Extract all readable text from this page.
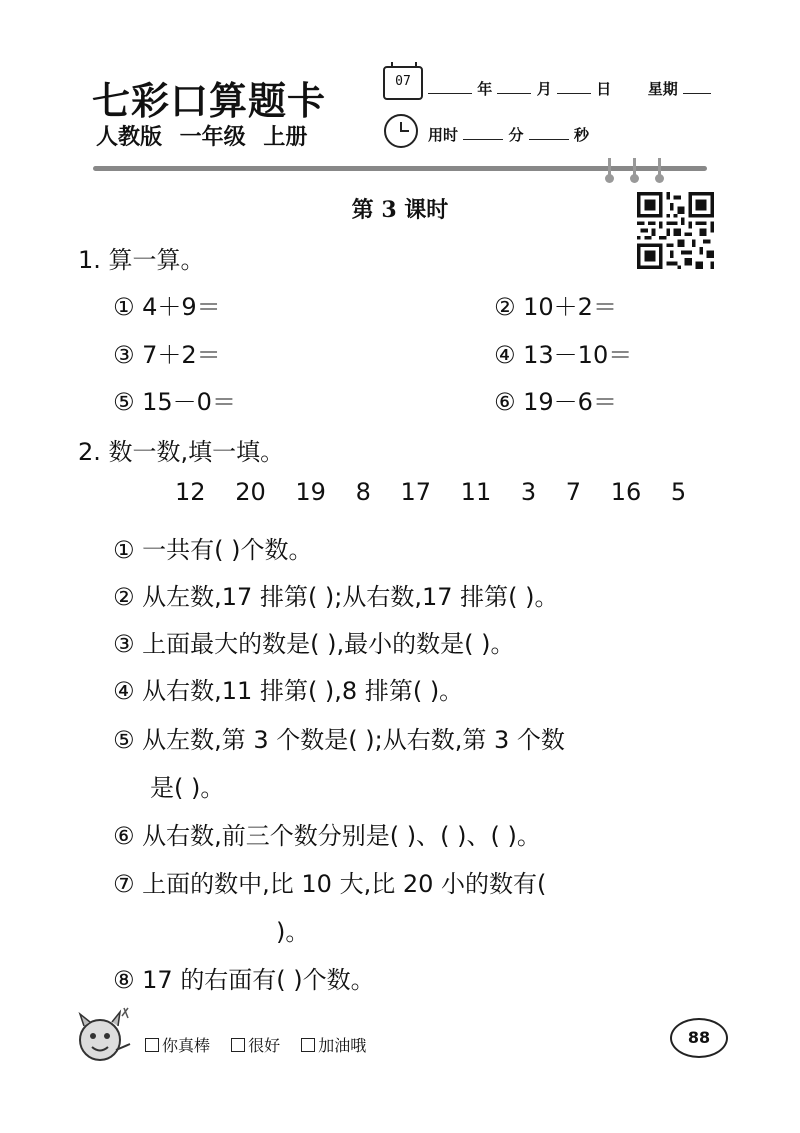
七彩口算题卡
人教版 一年级 上册
07	年	月	日 星期
用时	分	秒
第 3 课时
1. 算一算。
① 4＋9＝	② 10＋2＝
③ 7＋2＝	④ 13－10＝
⑤ 15－0＝	⑥ 19－6＝
2. 数一数,填一填。
12 20 19 8 17 11 3 7 16 5
① 一共有( )个数。
② 从左数,17 排第( );从右数,17 排第( )。
③ 上面最大的数是( ),最小的数是( )。
④ 从右数,11 排第( ),8 排第( )。
⑤ 从左数,第 3 个数是( );从右数,第 3 个数
是( )。
⑥ 从右数,前三个数分别是( )、( )、( )。
⑦ 上面的数中,比 10 大,比 20 小的数有(
)。
⑧ 17 的右面有( )个数。
你真棒 很好 加油哦	88
